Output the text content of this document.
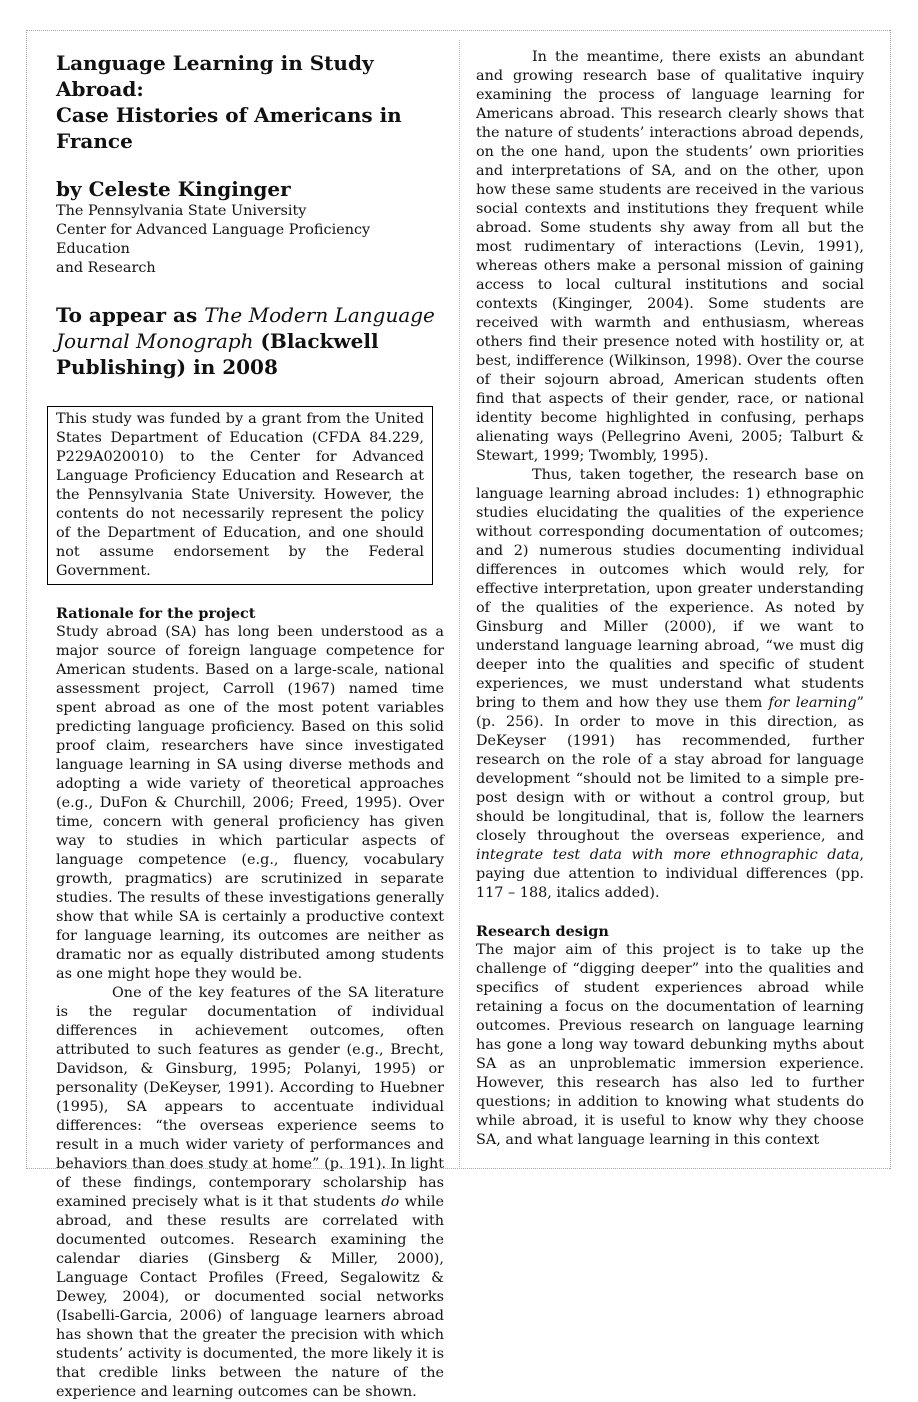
Language Learning in Study Abroad:
Case Histories of Americans in France
by Celeste Kinginger

The Pennsylvania State University

Center for Advanced Language Proficiency Education

and Research

To appear as The Modern Language Journal Monograph (Blackwell Publishing) in 2008
This study was funded by a grant from the United States Department of Education (CFDA 84.229, P229A020010) to the Center for Advanced Language Proficiency Education and Research at the Pennsylvania State University. However, the contents do not necessarily represent the policy of the Department of Education, and one should not assume endorsement by the Federal Government.
Rationale for the project

Study abroad (SA) has long been understood as a major source of foreign language competence for American students. Based on a large-scale, national assessment project, Carroll (1967) named time spent abroad as one of the most potent variables predicting language proficiency. Based on this solid proof claim, researchers have since investigated language learning in SA using diverse methods and adopting a wide variety of theoretical approaches (e.g., DuFon & Churchill, 2006; Freed, 1995). Over time, concern with general proficiency has given way to studies in which particular aspects of language competence (e.g., fluency, vocabulary growth, pragmatics) are scrutinized in separate studies. The results of these investigations generally show that while SA is certainly a productive context for language learning, its outcomes are neither as dramatic nor as equally distributed among students as one might hope they would be.

One of the key features of the SA literature is the regular documentation of individual differences in achievement outcomes, often attributed to such features as gender (e.g., Brecht, Davidson, & Ginsburg, 1995; Polanyi, 1995) or personality (DeKeyser, 1991). According to Huebner (1995), SA appears to accentuate individual differences: “the overseas experience seems to result in a much wider variety of performances and behaviors than does study at home” (p. 191). In light of these findings, contemporary scholarship has examined precisely what is it that students do while abroad, and these results are correlated with documented outcomes. Research examining the calendar diaries (Ginsberg & Miller, 2000), Language Contact Profiles (Freed, Segalowitz & Dewey, 2004), or documented social networks (Isabelli-Garcia, 2006) of language learners abroad has shown that the greater the precision with which students’ activity is documented, the more likely it is that credible links between the nature of the experience and learning outcomes can be shown.

In the meantime, there exists an abundant and growing research base of qualitative inquiry examining the process of language learning for Americans abroad. This research clearly shows that the nature of students’ interactions abroad depends, on the one hand, upon the students’ own priorities and interpretations of SA, and on the other, upon how these same students are received in the various social contexts and institutions they frequent while abroad. Some students shy away from all but the most rudimentary of interactions (Levin, 1991), whereas others make a personal mission of gaining access to local cultural institutions and social contexts (Kinginger, 2004). Some students are received with warmth and enthusiasm, whereas others find their presence noted with hostility or, at best, indifference (Wilkinson, 1998). Over the course of their sojourn abroad, American students often find that aspects of their gender, race, or national identity become highlighted in confusing, perhaps alienating ways (Pellegrino Aveni, 2005; Talburt & Stewart, 1999; Twombly, 1995).

Thus, taken together, the research base on language learning abroad includes: 1) ethnographic studies elucidating the qualities of the experience without corresponding documentation of outcomes; and 2) numerous studies documenting individual differences in outcomes which would rely, for effective interpretation, upon greater understanding of the qualities of the experience. As noted by Ginsburg and Miller (2000), if we want to understand language learning abroad, “we must dig deeper into the qualities and specific of student experiences, we must understand what students bring to them and how they use them for learning” (p. 256). In order to move in this direction, as DeKeyser (1991) has recommended, further research on the role of a stay abroad for language development “should not be limited to a simple pre-post design with or without a control group, but should be longitudinal, that is, follow the learners closely throughout the overseas experience, and integrate test data with more ethnographic data, paying due attention to individual differences (pp. 117 – 188, italics added).

Research design

The major aim of this project is to take up the challenge of “digging deeper” into the qualities and specifics of student experiences abroad while retaining a focus on the documentation of learning outcomes. Previous research on language learning has gone a long way toward debunking myths about SA as an unproblematic immersion experience. However, this research has also led to further questions; in addition to knowing what students do while abroad, it is useful to know why they choose SA, and what language learning in this context
